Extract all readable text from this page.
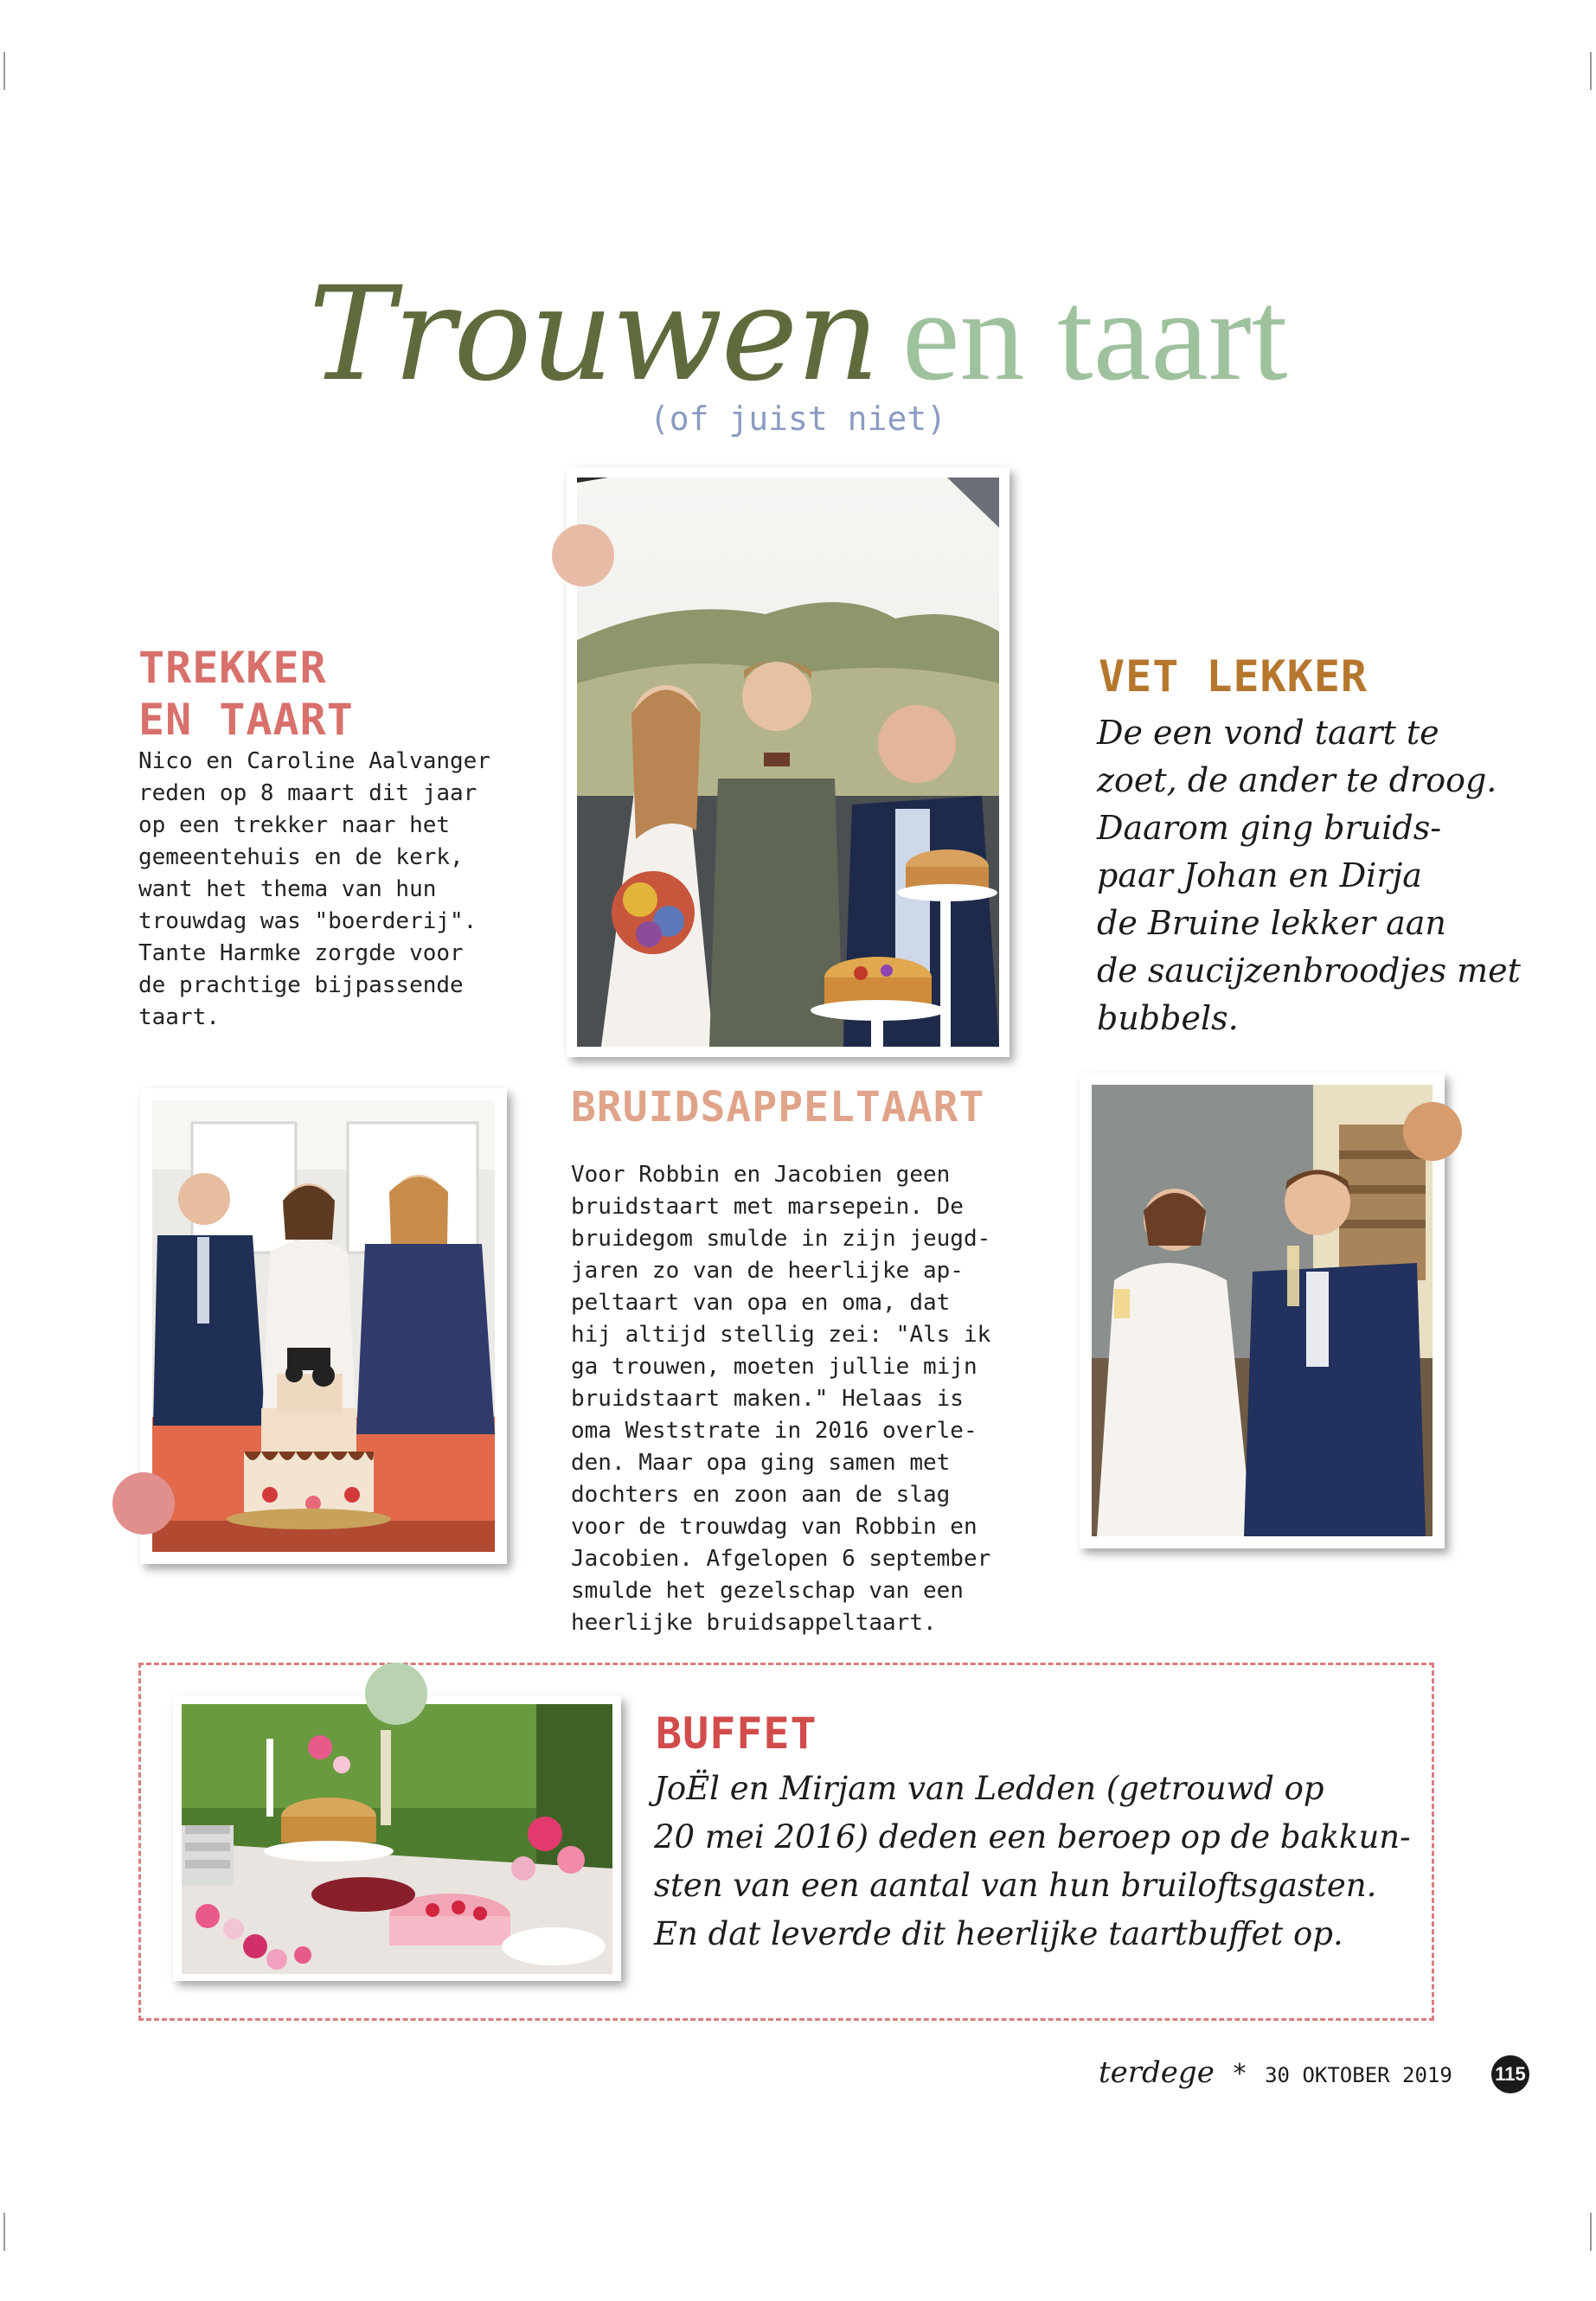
Trouwen en taart
(of juist niet)
TREKKER
EN TAART
Nico en Caroline Aalvanger
reden op 8 maart dit jaar
op een trekker naar het
gemeentehuis en de kerk,
want het thema van hun
trouwdag was "boerderij".
Tante Harmke zorgde voor
de prachtige bijpassende
taart.
VET LEKKER
De een vond taart te
zoet, de ander te droog.
Daarom ging bruids-
paar Johan en Dirja
de Bruine lekker aan
de saucijzenbroodjes met
bubbels.
BRUIDSAPPELTAART
Voor Robbin en Jacobien geen
bruidstaart met marsepein. De
bruidegom smulde in zijn jeugd-
jaren zo van de heerlijke ap-
peltaart van opa en oma, dat
hij altijd stellig zei: "Als ik
ga trouwen, moeten jullie mijn
bruidstaart maken." Helaas is
oma Weststrate in 2016 overle-
den. Maar opa ging samen met
dochters en zoon aan de slag
voor de trouwdag van Robbin en
Jacobien. Afgelopen 6 september
smulde het gezelschap van een
heerlijke bruidsappeltaart.
BUFFET
JoËl en Mirjam van Ledden (getrouwd op
20 mei 2016) deden een beroep op de bakkun-
sten van een aantal van hun bruiloftsgasten.
En dat leverde dit heerlijke taartbuffet op.
terdege * 30 OKTOBER 2019 115
